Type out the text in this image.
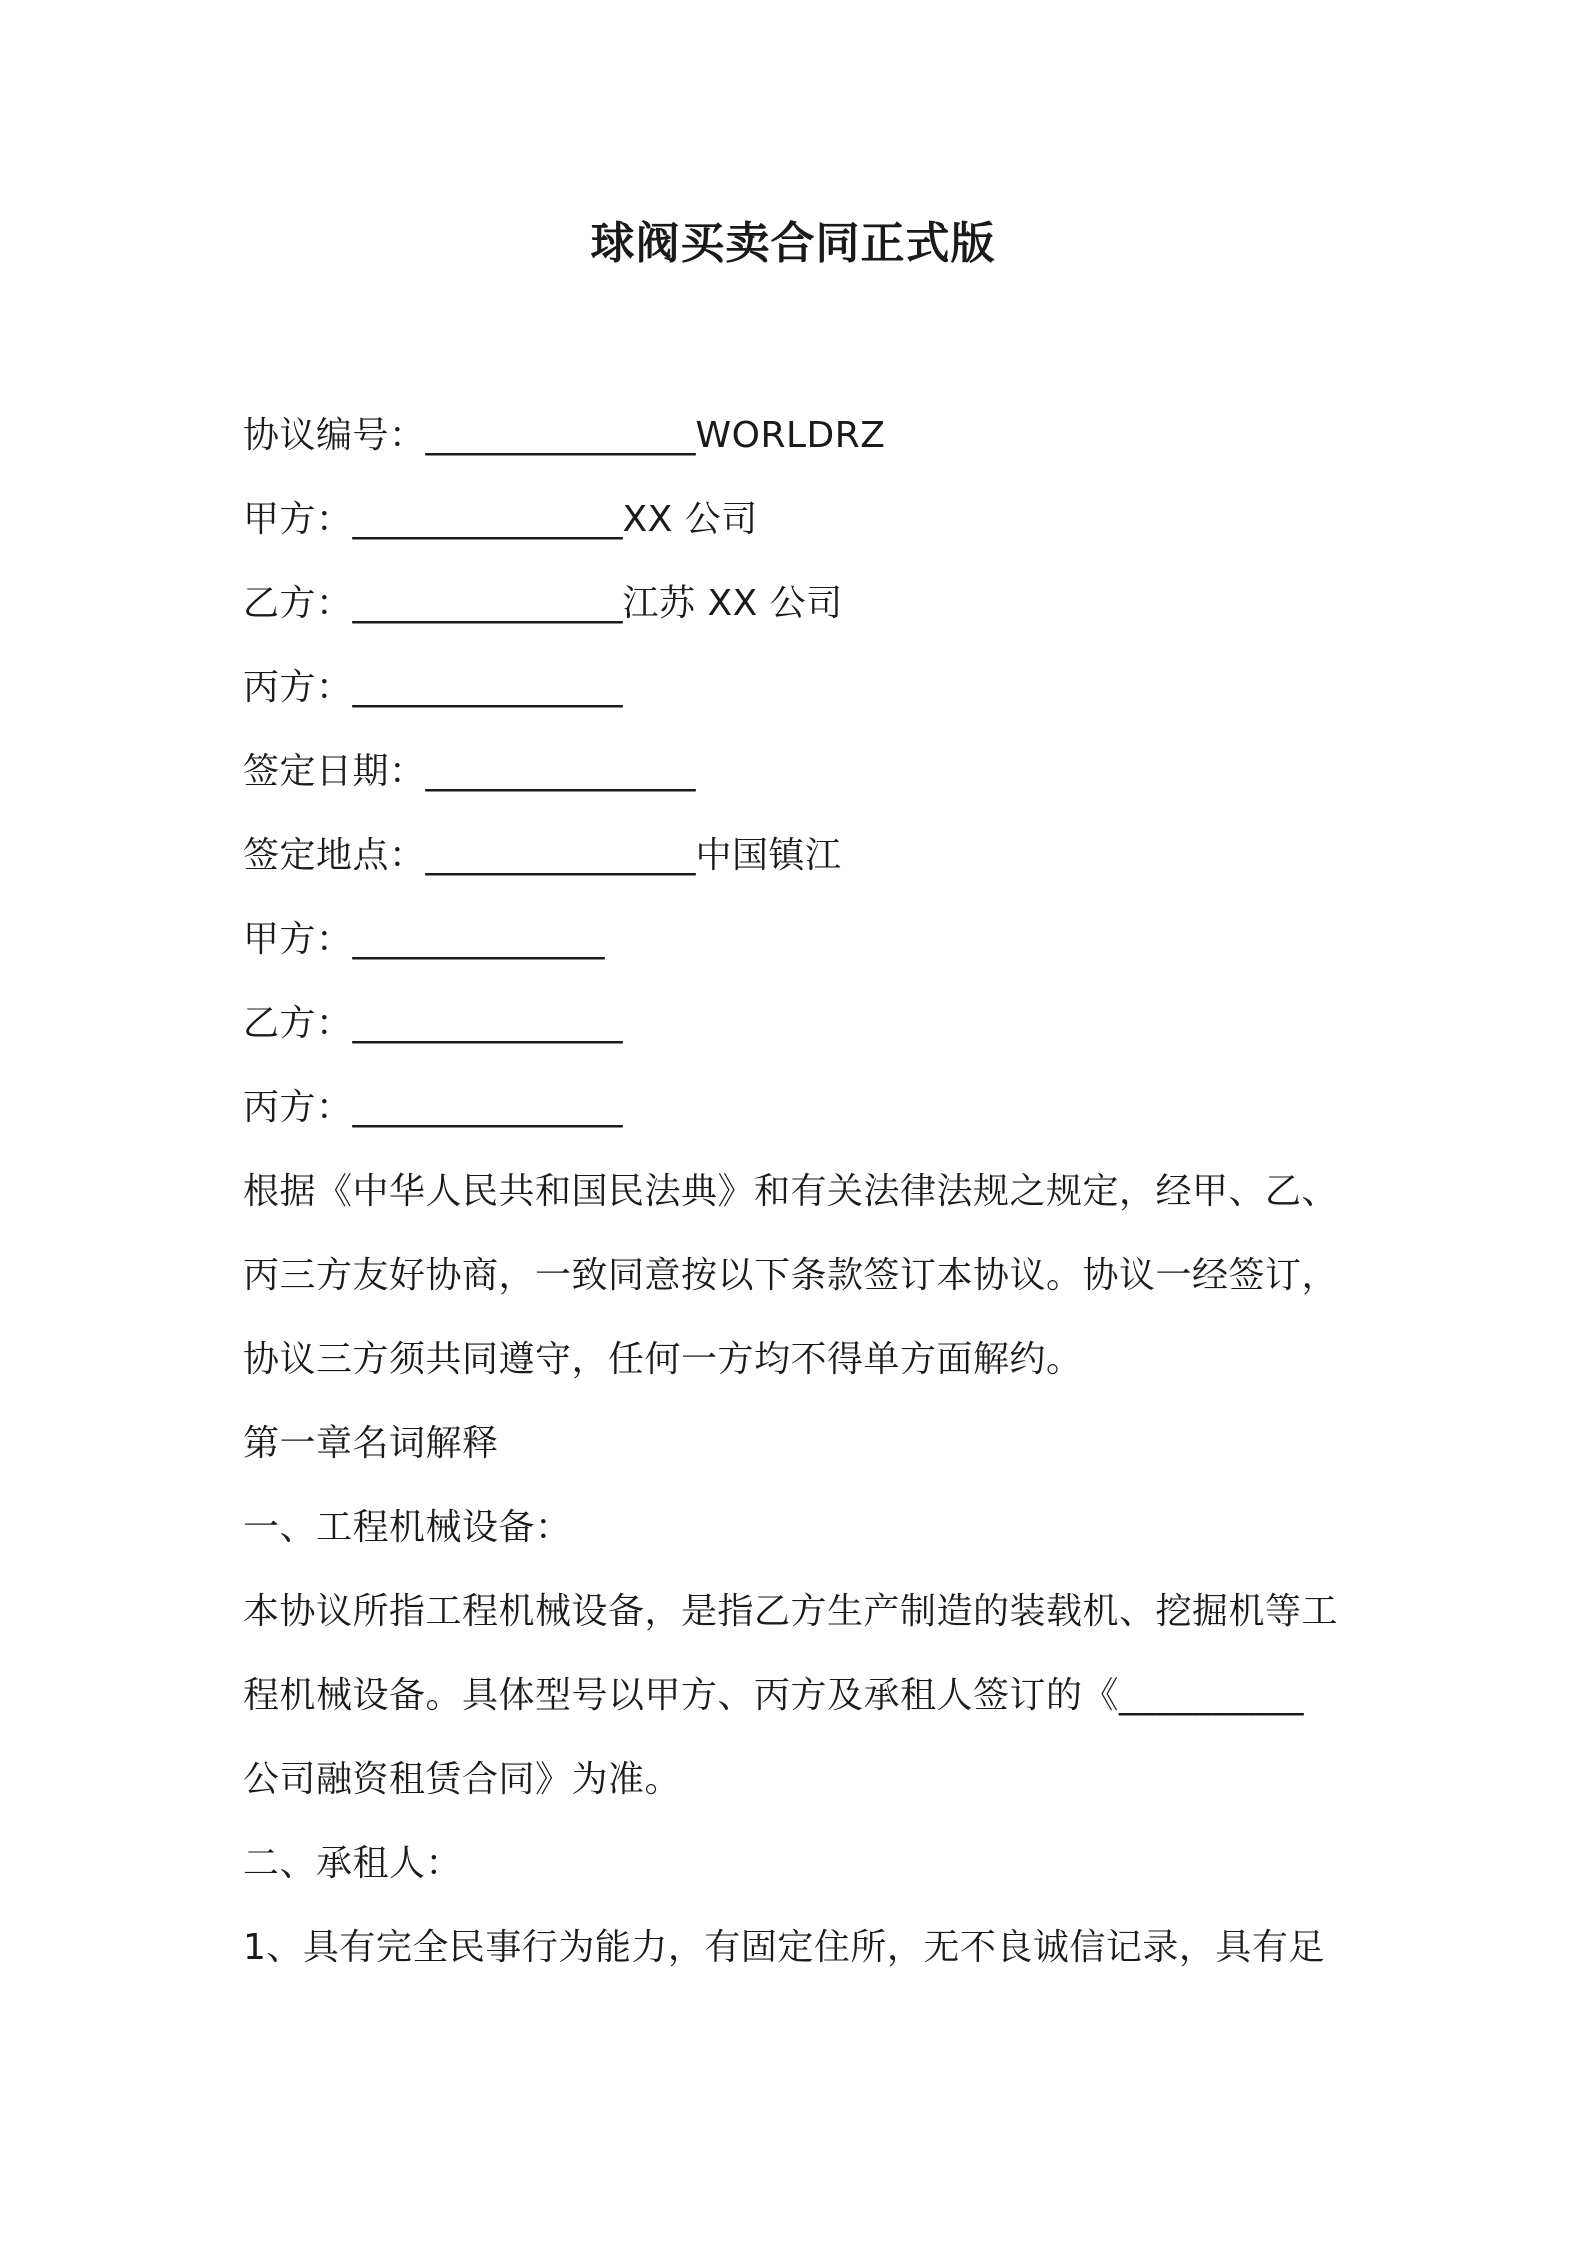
球阀买卖合同正式版
协议编号：_______________WORLDRZ
甲方：_______________XX 公司
乙方：_______________江苏 XX 公司
丙方：_______________
签定日期：_______________
签定地点：_______________中国镇江
甲方：______________
乙方：_______________
丙方：_______________
根据《中华人民共和国民法典》和有关法律法规之规定，经甲、乙、
丙三方友好协商，一致同意按以下条款签订本协议。协议一经签订，
协议三方须共同遵守，任何一方均不得单方面解约。
第一章名词解释
一、工程机械设备：
本协议所指工程机械设备，是指乙方生产制造的装载机、挖掘机等工
程机械设备。具体型号以甲方、丙方及承租人签订的《__________
公司融资租赁合同》为准。
二、承租人：
1、具有完全民事行为能力，有固定住所，无不良诚信记录，具有足
